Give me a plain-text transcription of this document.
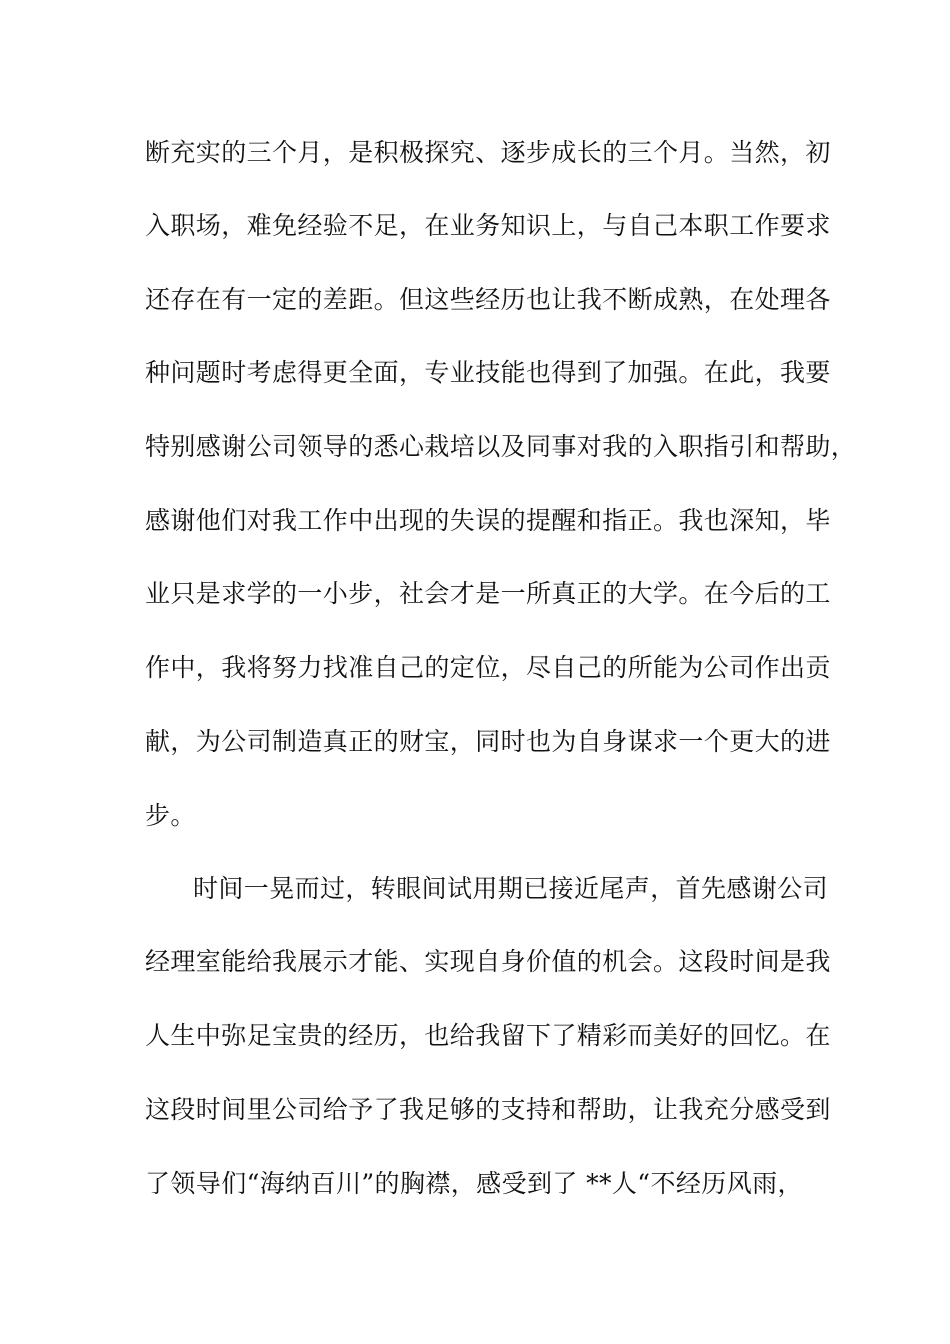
断充实的三个月，是积极探究、逐步成长的三个月。当然，初
入职场，难免经验不足，在业务知识上，与自己本职工作要求
还存在有一定的差距。但这些经历也让我不断成熟，在处理各
种问题时考虑得更全面，专业技能也得到了加强。在此，我要
特别感谢公司领导的悉心栽培以及同事对我的入职指引和帮助，
感谢他们对我工作中出现的失误的提醒和指正。我也深知，毕
业只是求学的一小步，社会才是一所真正的大学。在今后的工
作中，我将努力找准自己的定位，尽自己的所能为公司作出贡
献，为公司制造真正的财宝，同时也为自身谋求一个更大的进
步。
时间一晃而过，转眼间试用期已接近尾声，首先感谢公司
经理室能给我展示才能、实现自身价值的机会。这段时间是我
人生中弥足宝贵的经历，也给我留下了精彩而美好的回忆。在
这段时间里公司给予了我足够的支持和帮助，让我充分感受到
了领导们“海纳百川”的胸襟，感受到了 **人“不经历风雨，
